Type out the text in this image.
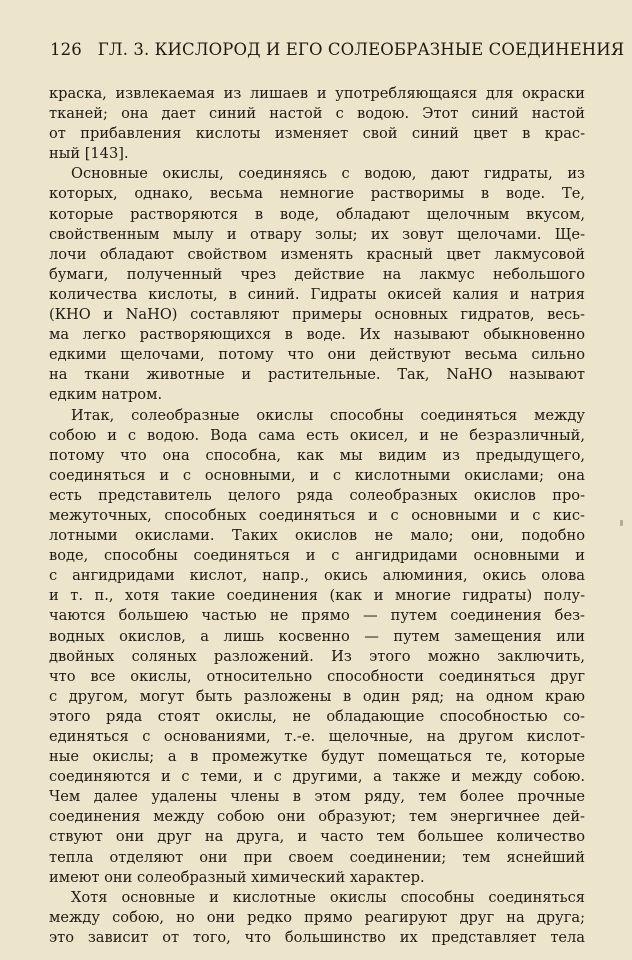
126 ГЛ. 3. КИСЛОРОД И ЕГО СОЛЕОБРАЗНЫЕ СОЕДИНЕНИЯ
краска, извлекаемая из лишаев и употребляющаяся для окраски
тканей; она дает синий настой с водою. Этот синий настой
от прибавления кислоты изменяет свой синий цвет в крас-
ный [143].
Основные окислы, соединяясь с водою, дают гидраты, из
которых, однако, весьма немногие растворимы в воде. Те,
которые растворяются в воде, обладают щелочным вкусом,
свойственным мылу и отвару золы; их зовут щелочами. Ще-
лочи обладают свойством изменять красный цвет лакмусовой
бумаги, полученный чрез действие на лакмус небольшого
количества кислоты, в синий. Гидраты окисей калия и натрия
(КНО и NaHO) составляют примеры основных гидратов, весь-
ма легко растворяющихся в воде. Их называют обыкновенно
едкими щелочами, потому что они действуют весьма сильно
на ткани животные и растительные. Так, NaHO называют
едким натром.
Итак, солеобразные окислы способны соединяться между
собою и с водою. Вода сама есть окисел, и не безразличный,
потому что она способна, как мы видим из предыдущего,
соединяться и с основными, и с кислотными окислами; она
есть представитель целого ряда солеобразных окислов про-
межуточных, способных соединяться и с основными и с кис-
лотными окислами. Таких окислов не мало; они, подобно
воде, способны соединяться и с ангидридами основными и
с ангидридами кислот, напр., окись алюминия, окись олова
и т. п., хотя такие соединения (как и многие гидраты) полу-
чаются большею частью не прямо — путем соединения без-
водных окислов, а лишь косвенно — путем замещения или
двойных соляных разложений. Из этого можно заключить,
что все окислы, относительно способности соединяться друг
с другом, могут быть разложены в один ряд; на одном краю
этого ряда стоят окислы, не обладающие способностью со-
единяться с основаниями, т.-е. щелочные, на другом кислот-
ные окислы; а в промежутке будут помещаться те, которые
соединяются и с теми, и с другими, а также и между собою.
Чем далее удалены члены в этом ряду, тем более прочные
соединения между собою они образуют; тем энергичнее дей-
ствуют они друг на друга, и часто тем большее количество
тепла отделяют они при своем соединении; тем яснейший
имеют они солеобразный химический характер.
Хотя основные и кислотные окислы способны соединяться
между собою, но они редко прямо реагируют друг на друга;
это зависит от того, что большинство их представляет тела
